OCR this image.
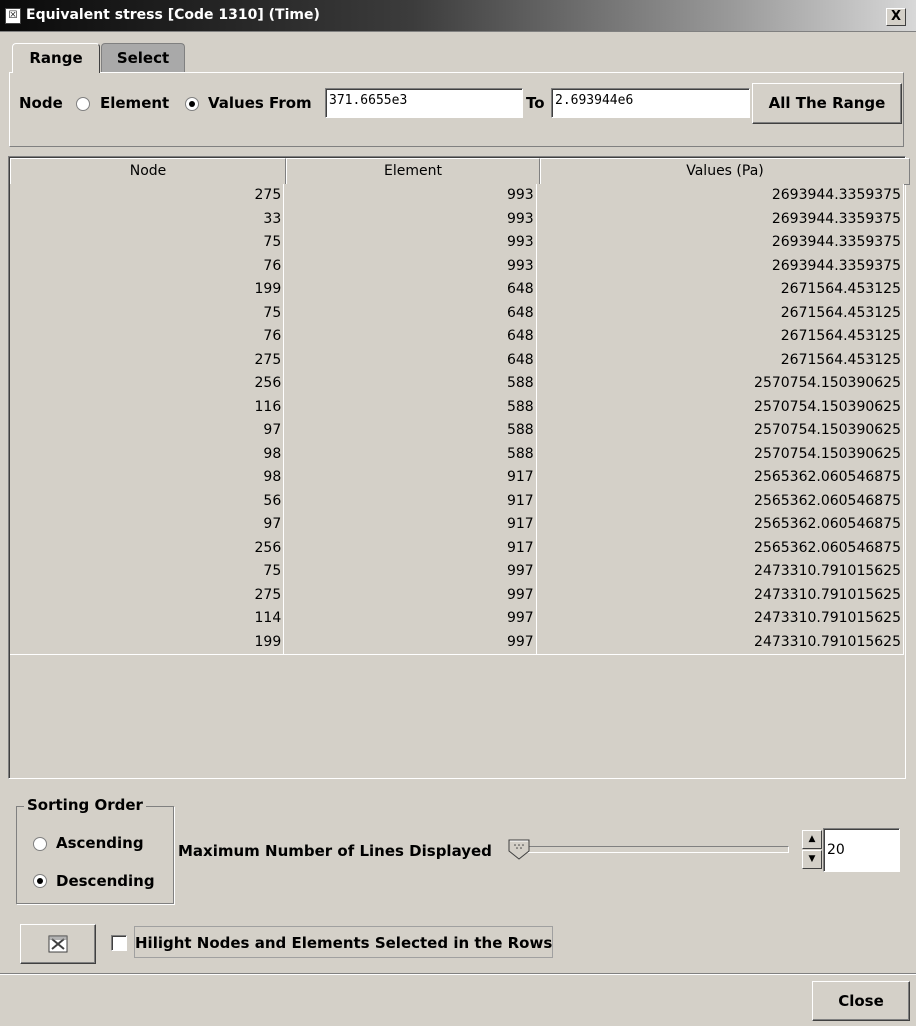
☒ Equivalent stress [Code 1310] (Time)	X
Select
Range
Node Element	Values From	371.6655e3	To 2.693944e6	All The Range
Node	Element	Values (Pa)
275	993	2693944.3359375
33	993	2693944.3359375
75	993	2693944.3359375
76	993	2693944.3359375
199	648	2671564.453125
75	648	2671564.453125
76	648	2671564.453125
275	648	2671564.453125
256	588	2570754.150390625
116	588	2570754.150390625
97	588	2570754.150390625
98	588	2570754.150390625
98	917	2565362.060546875
56	917	2565362.060546875
97	917	2565362.060546875
256	917	2565362.060546875
75	997	2473310.791015625
275	997	2473310.791015625
114	997	2473310.791015625
199	997	2473310.791015625
Sorting Order
Ascending
Descending
Maximum Number of Lines Displayed
▲
▼
20
Hilight Nodes and Elements Selected in the Rows
Close
